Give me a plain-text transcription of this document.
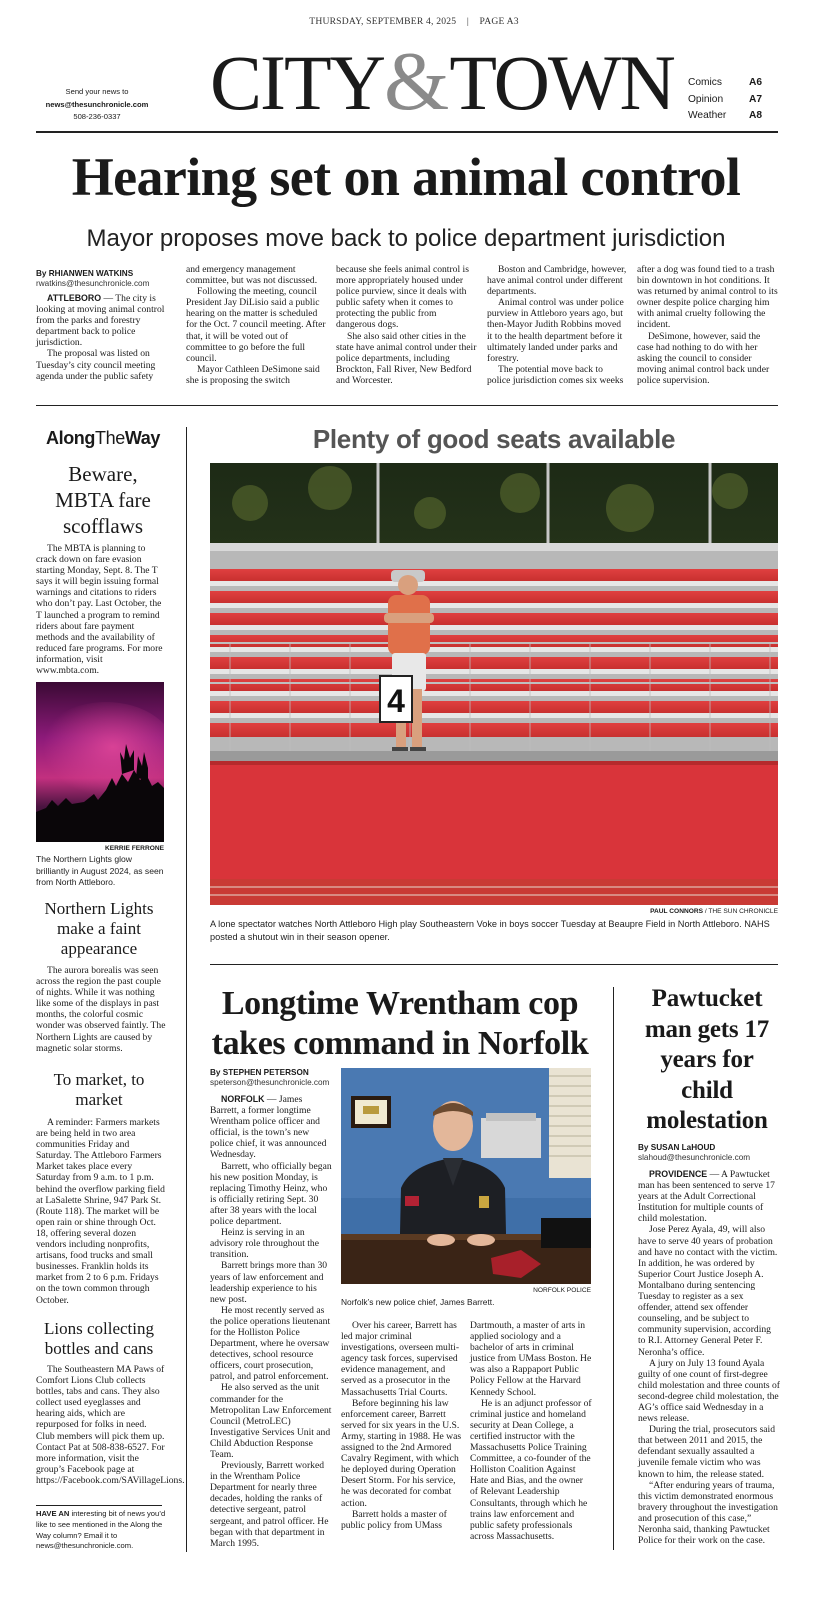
THURSDAY, SEPTEMBER 4, 2025 | PAGE A3
Send your news to
news@thesunchronicle.com
508-236-0337	CITY&TOWN Comics	A6
Opinion	A7
Weather A8
Hearing set on animal control
Mayor proposes move back to police department jurisdiction
By RHIANWEN WATKINS
rwatkins@thesunchronicle.com

ATTLEBORO — The city is looking at moving animal control from the parks and forestry department back to police jurisdiction.

The proposal was listed on Tuesday’s city council meeting agenda under the public safety

and emergency management committee, but was not discussed.

Following the meeting, council President Jay DiLisio said a public hearing on the matter is scheduled for the Oct. 7 council meeting. After that, it will be voted out of committee to go before the full council.

Mayor Cathleen DeSimone said she is proposing the switch

because she feels animal control is more appropriately housed under police purview, since it deals with public safety when it comes to protecting the public from dangerous dogs.

She also said other cities in the state have animal control under their police departments, including Brockton, Fall River, New Bedford and Worcester.

Boston and Cambridge, however, have animal control under different departments.

Animal control was under police purview in Attleboro years ago, but then-Mayor Judith Robbins moved it to the health department before it ultimately landed under parks and forestry.

The potential move back to police jurisdiction comes six weeks

after a dog was found tied to a trash bin downtown in hot conditions. It was returned by animal control to its owner despite police charging him with animal cruelty following the incident.

DeSimone, however, said the case had nothing to do with her asking the council to consider moving animal control back under police supervision.

AlongTheWay
Beware, MBTA fare scofflaws

The MBTA is planning to crack down on fare evasion starting Monday, Sept. 8. The T says it will begin issuing formal warnings and citations to riders who don’t pay. Last October, the T launched a program to remind riders about fare payment methods and the availability of reduced fare programs. For more information, visit www.mbta.com.

KERRIE FERRONE
The Northern Lights glow brilliantly in August 2024, as seen from North Attleboro.
Northern Lights make a faint appearance

The aurora borealis was seen across the region the past couple of nights. While it was nothing like some of the displays in past months, the colorful cosmic wonder was observed faintly. The Northern Lights are caused by magnetic solar storms.

To market, to market

A reminder: Farmers markets are being held in two area communities Friday and Saturday. The Attleboro Farmers Market takes place every Saturday from 9 a.m. to 1 p.m. behind the overflow parking field at LaSalette Shrine, 947 Park St. (Route 118). The market will be open rain or shine through Oct. 18, offering several dozen vendors including nonprofits, artisans, food trucks and small businesses. Franklin holds its market from 2 to 6 p.m. Fridays on the town common through October.

Lions collecting bottles and cans

The Southeastern MA Paws of Comfort Lions Club collects bottles, tabs and cans. They also collect used eyeglasses and hearing aids, which are repurposed for folks in need. Club members will pick them up. Contact Pat at 508-838-6527. For more information, visit the group’s Facebook page at https://Facebook.com/SAVillageLions.

HAVE AN interesting bit of news you’d like to see mentioned in the Along the Way column? Email it to news@thesunchronicle.com.
Plenty of good seats available
4
PAUL CONNORS / THE SUN CHRONICLE
A lone spectator watches North Attleboro High play Southeastern Voke in boys soccer Tuesday at Beaupre Field in North Attleboro. NAHS posted a shutout win in their season opener.
Longtime Wrentham cop
takes command in Norfolk
By STEPHEN PETERSON
speterson@thesunchronicle.com

NORFOLK — James Barrett, a former longtime Wrentham police officer and official, is the town’s new police chief, it was announced Wednesday.

Barrett, who officially began his new position Monday, is replacing Timothy Heinz, who is officially retiring Sept. 30 after 38 years with the local police department.

Heinz is serving in an advisory role throughout the transition.

Barrett brings more than 30 years of law enforcement and leadership experience to his new post.

He most recently served as the police operations lieutenant for the Holliston Police Department, where he oversaw detectives, school resource officers, court prosecution, patrol, and patrol enforcement.

He also served as the unit commander for the Metropolitan Law Enforcement Council (MetroLEC) Investigative Services Unit and Child Abduction Response Team.

Previously, Barrett worked in the Wrentham Police Department for nearly three decades, holding the ranks of detective sergeant, patrol sergeant, and patrol officer. He began with that department in March 1995.

NORFOLK POLICE
Norfolk’s new police chief, James Barrett.

Over his career, Barrett has led major criminal investigations, overseen multi-agency task forces, supervised evidence management, and served as a prosecutor in the Massachusetts Trial Courts.

Before beginning his law enforcement career, Barrett served for six years in the U.S. Army, starting in 1988. He was assigned to the 2nd Armored Cavalry Regiment, with which he deployed during Operation Desert Storm. For his service, he was decorated for combat action.

Barrett holds a master of public policy from UMass

Dartmouth, a master of arts in applied sociology and a bachelor of arts in criminal justice from UMass Boston. He was also a Rappaport Public Policy Fellow at the Harvard Kennedy School.

He is an adjunct professor of criminal justice and homeland security at Dean College, a certified instructor with the Massachusetts Police Training Committee, a co-founder of the Holliston Coalition Against Hate and Bias, and the owner of Relevant Leadership Consultants, through which he trains law enforcement and public safety professionals across Massachusetts.

Pawtucket man gets 17 years for child molestation
By SUSAN LaHOUD
slahoud@thesunchronicle.com

PROVIDENCE — A Pawtucket man has been sentenced to serve 17 years at the Adult Correctional Institution for multiple counts of child molestation.

Jose Perez Ayala, 49, will also have to serve 40 years of probation and have no contact with the victim. In addition, he was ordered by Superior Court Justice Joseph A. Montalbano during sentencing Tuesday to register as a sex offender, attend sex offender counseling, and be subject to community supervision, according to R.I. Attorney General Peter F. Neronha’s office.

A jury on July 13 found Ayala guilty of one count of first-degree child molestation and three counts of second-degree child molestation, the AG’s office said Wednesday in a news release.

During the trial, prosecutors said that between 2011 and 2015, the defendant sexually assaulted a juvenile female victim who was known to him, the release stated.

“After enduring years of trauma, this victim demonstrated enormous bravery throughout the investigation and prosecution of this case,” Neronha said, thanking Pawtucket Police for their work on the case.
